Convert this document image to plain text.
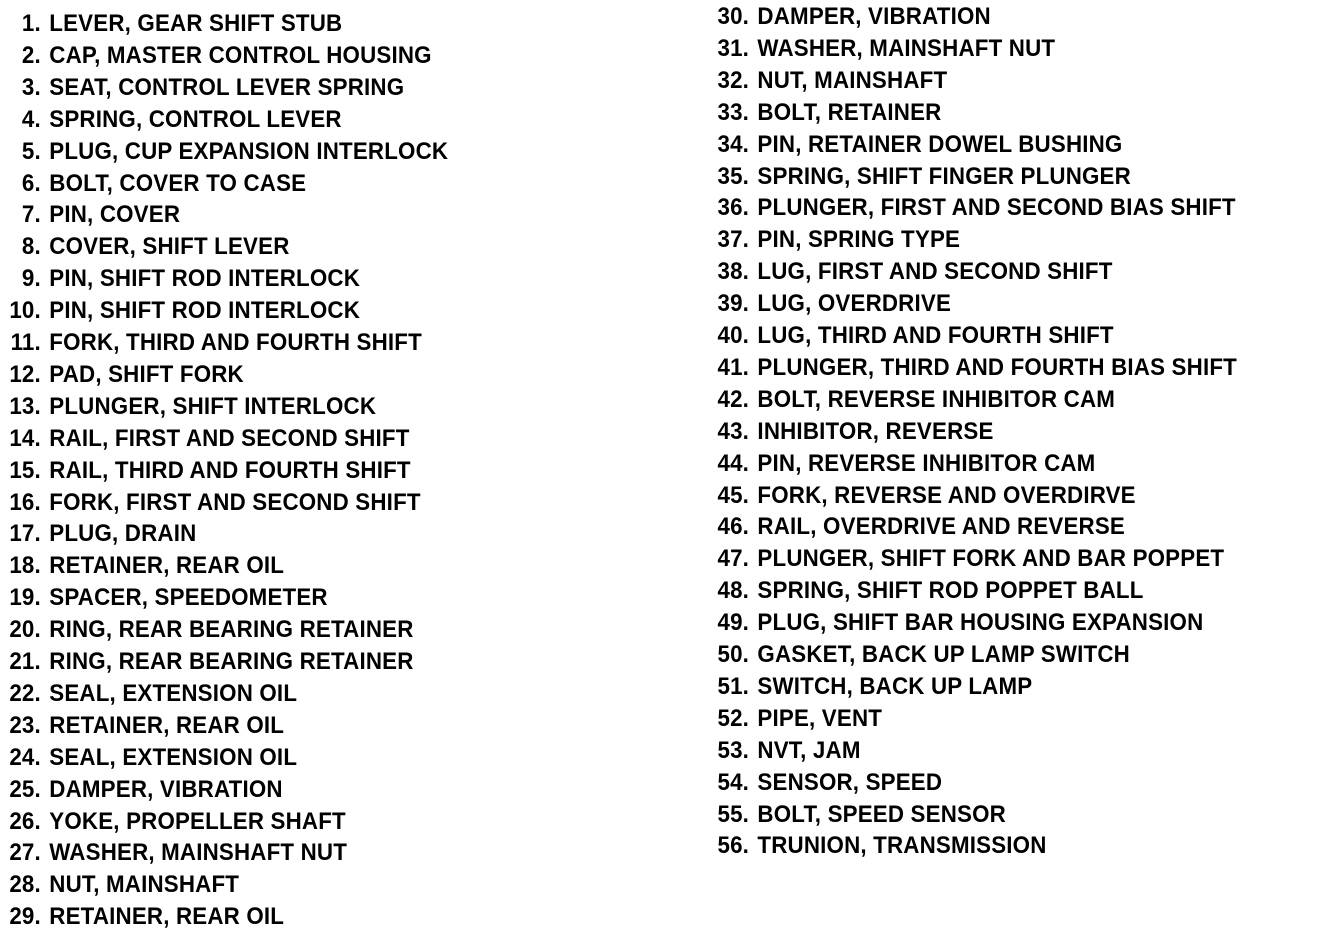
1. LEVER, GEAR SHIFT STUB
2. CAP, MASTER CONTROL HOUSING
3. SEAT, CONTROL LEVER SPRING
4. SPRING, CONTROL LEVER
5. PLUG, CUP EXPANSION INTERLOCK
6. BOLT, COVER TO CASE
7. PIN, COVER
8. COVER, SHIFT LEVER
9. PIN, SHIFT ROD INTERLOCK
10. PIN, SHIFT ROD INTERLOCK
11. FORK, THIRD AND FOURTH SHIFT
12. PAD, SHIFT FORK
13. PLUNGER, SHIFT INTERLOCK
14. RAIL, FIRST AND SECOND SHIFT
15. RAIL, THIRD AND FOURTH SHIFT
16. FORK, FIRST AND SECOND SHIFT
17. PLUG, DRAIN
18. RETAINER, REAR OIL
19. SPACER, SPEEDOMETER
20. RING, REAR BEARING RETAINER
21. RING, REAR BEARING RETAINER
22. SEAL, EXTENSION OIL
23. RETAINER, REAR OIL
24. SEAL, EXTENSION OIL
25. DAMPER, VIBRATION
26. YOKE, PROPELLER SHAFT
27. WASHER, MAINSHAFT NUT
28. NUT, MAINSHAFT
29. RETAINER, REAR OIL
30. DAMPER, VIBRATION
31. WASHER, MAINSHAFT NUT
32. NUT, MAINSHAFT
33. BOLT, RETAINER
34. PIN, RETAINER DOWEL BUSHING
35. SPRING, SHIFT FINGER PLUNGER
36. PLUNGER, FIRST AND SECOND BIAS SHIFT
37. PIN, SPRING TYPE
38. LUG, FIRST AND SECOND SHIFT
39. LUG, OVERDRIVE
40. LUG, THIRD AND FOURTH SHIFT
41. PLUNGER, THIRD AND FOURTH BIAS SHIFT
42. BOLT, REVERSE INHIBITOR CAM
43. INHIBITOR, REVERSE
44. PIN, REVERSE INHIBITOR CAM
45. FORK, REVERSE AND OVERDIRVE
46. RAIL, OVERDRIVE AND REVERSE
47. PLUNGER, SHIFT FORK AND BAR POPPET
48. SPRING, SHIFT ROD POPPET BALL
49. PLUG, SHIFT BAR HOUSING EXPANSION
50. GASKET, BACK UP LAMP SWITCH
51. SWITCH, BACK UP LAMP
52. PIPE, VENT
53. NVT, JAM
54. SENSOR, SPEED
55. BOLT, SPEED SENSOR
56. TRUNION, TRANSMISSION
